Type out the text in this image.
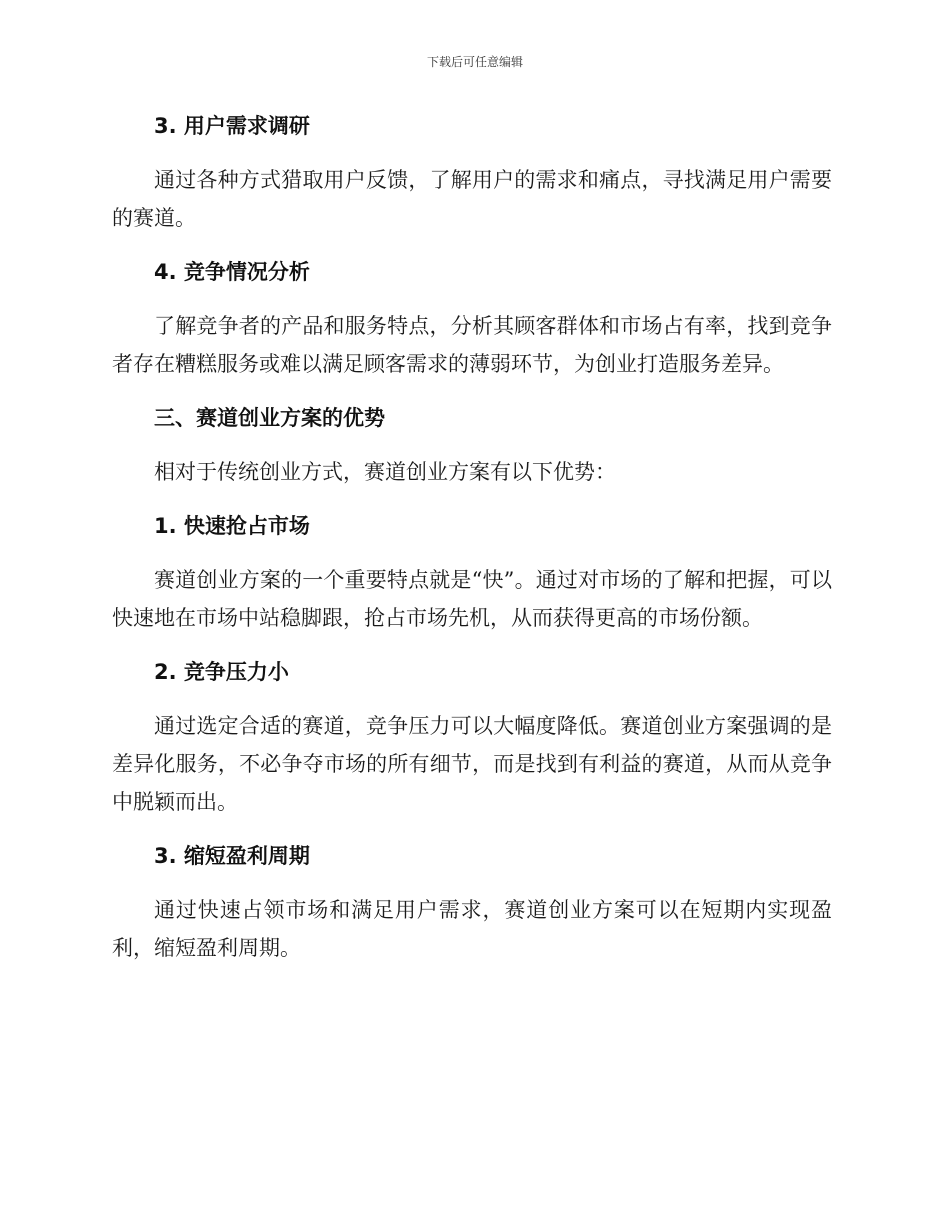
下载后可任意编辑
3. 用户需求调研

通过各种方式猎取用户反馈，了解用户的需求和痛点，寻找满足用户需要的赛道。

4. 竞争情况分析

了解竞争者的产品和服务特点，分析其顾客群体和市场占有率，找到竞争者存在糟糕服务或难以满足顾客需求的薄弱环节，为创业打造服务差异。

三、赛道创业方案的优势

相对于传统创业方式，赛道创业方案有以下优势：

1. 快速抢占市场

赛道创业方案的一个重要特点就是“快”。通过对市场的了解和把握，可以快速地在市场中站稳脚跟，抢占市场先机，从而获得更高的市场份额。

2. 竞争压力小

通过选定合适的赛道，竞争压力可以大幅度降低。赛道创业方案强调的是差异化服务，不必争夺市场的所有细节，而是找到有利益的赛道，从而从竞争中脱颖而出。

3. 缩短盈利周期

通过快速占领市场和满足用户需求，赛道创业方案可以在短期内实现盈利，缩短盈利周期。
